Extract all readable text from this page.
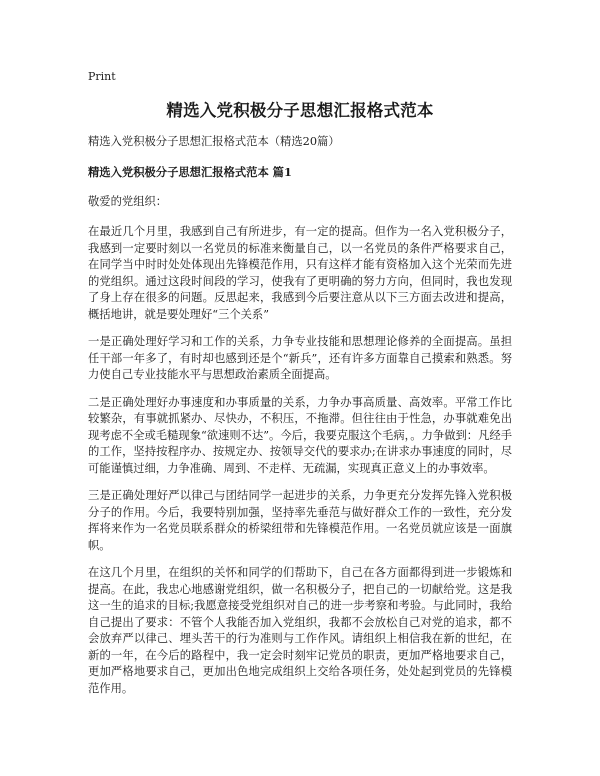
Print
精选入党积极分子思想汇报格式范本

精选入党积极分子思想汇报格式范本（精选20篇）

精选入党积极分子思想汇报格式范本 篇1

敬爱的党组织：

在最近几个月里，我感到自己有所进步，有一定的提高。但作为一名入党积极分子，我感到一定要时刻以一名党员的标准来衡量自己，以一名党员的条件严格要求自己，在同学当中时时处处体现出先锋模范作用，只有这样才能有资格加入这个光荣而先进的党组织。通过这段时间段的学习，使我有了更明确的努力方向，但同时，我也发现了身上存在很多的问题。反思起来，我感到今后要注意从以下三方面去改进和提高，概括地讲，就是要处理好“三个关系”

一是正确处理好学习和工作的关系，力争专业技能和思想理论修养的全面提高。虽担任干部一年多了，有时却也感到还是个“新兵”，还有许多方面靠自己摸索和熟悉。努力使自己专业技能水平与思想政治素质全面提高。

二是正确处理好办事速度和办事质量的关系，力争办事高质量、高效率。平常工作比较繁杂，有事就抓紧办、尽快办，不积压，不拖滞。但往往由于性急，办事就难免出现考虑不全或毛糙现象“欲速则不达”。今后，我要克服这个毛病，。力争做到：凡经手的工作，坚持按程序办、按规定办、按领导交代的要求办;在讲求办事速度的同时，尽可能谨慎过细，力争准确、周到、不走样、无疏漏，实现真正意义上的办事效率。

三是正确处理好严以律己与团结同学一起进步的关系，力争更充分发挥先锋入党积极分子的作用。今后，我要特别加强，坚持率先垂范与做好群众工作的一致性，充分发挥将来作为一名党员联系群众的桥梁纽带和先锋模范作用。一名党员就应该是一面旗帜。

在这几个月里，在组织的关怀和同学的们帮助下，自己在各方面都得到进一步锻炼和提高。在此，我忠心地感谢党组织，做一名积极分子，把自己的一切献给党。这是我这一生的追求的目标;我愿意接受党组织对自己的进一步考察和考验。与此同时，我给自己提出了要求：不管个人我能否加入党组织，我都不会放松自己对党的追求，都不会放弃严以律己、埋头苦干的行为准则与工作作风。请组织上相信我在新的世纪，在新的一年，在今后的路程中，我一定会时刻牢记党员的职责，更加严格地要求自己，更加严格地要求自己，更加出色地完成组织上交给各项任务，处处起到党员的先锋模范作用。
